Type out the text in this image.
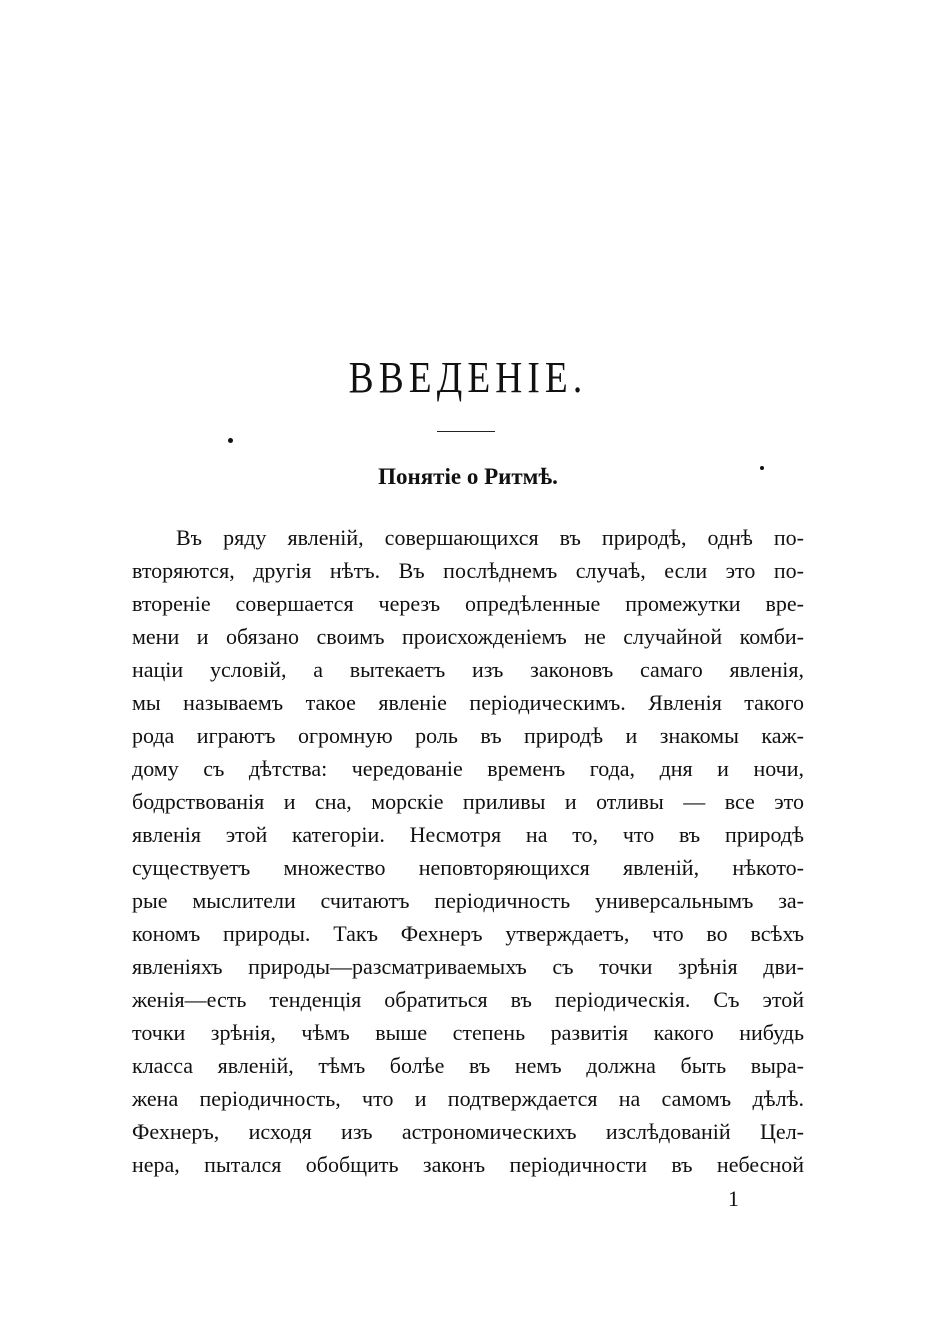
ВВЕДЕНIЕ.
Понятiе о Ритмѣ.
Въ ряду явленiй, совершающихся въ природѣ, однѣ по-
вторяются, другiя нѣтъ. Въ послѣднемъ случаѣ, если это по-
вторенiе совершается черезъ опредѣленные промежутки вре-
мени и обязано своимъ происхожденiемъ не случайной комби-
націи условій, а вытекаетъ изъ законовъ самаго явленія,
мы называемъ такое явленіе періодическимъ. Явленія такого
рода играютъ огромную роль въ природѣ и знакомы каж-
дому съ дѣтства: чередованіе временъ года, дня и ночи,
бодрствованія и сна, морскіе приливы и отливы — все это
явленія этой категоріи. Несмотря на то, что въ природѣ
существуетъ множество неповторяющихся явленій, нѣкото-
рые мыслители считаютъ періодичность универсальнымъ за-
кономъ природы. Такъ Фехнеръ утверждаетъ, что во всѣхъ
явленіяхъ природы—разсматриваемыхъ съ точки зрѣнія дви-
женія—есть тенденція обратиться въ періодическія. Съ этой
точки зрѣнія, чѣмъ выше степень развитія какого нибудь
класса явленій, тѣмъ болѣе въ немъ должна быть выра-
жена періодичность, что и подтверждается на самомъ дѣлѣ.
Фехнеръ, исходя изъ астрономическихъ изслѣдованій Цел-
нера, пытался обобщить законъ періодичности въ небесной
1
